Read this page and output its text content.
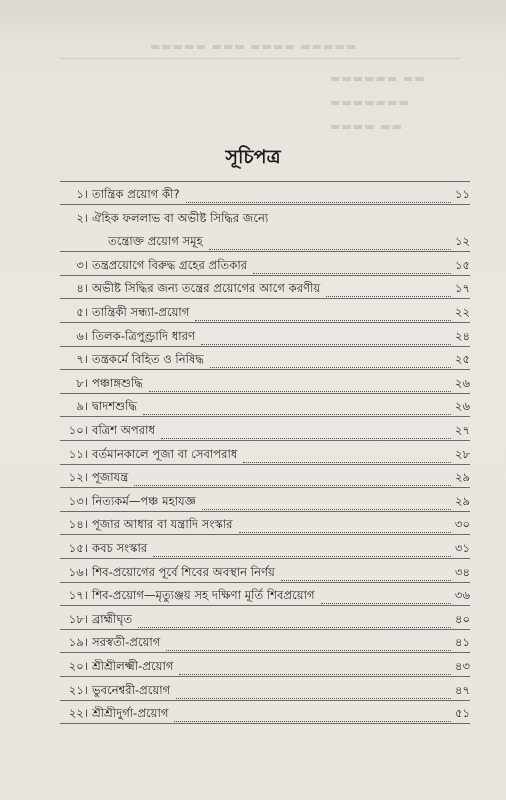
▬▬▬▬▬ ▬▬▬ ▬▬▬▬ ▬▬▬▬▬
▬▬▬▬▬▬ ▬▬
▬▬▬▬▬▬▬
▬▬▬▬ ▬▬
সূচিপত্র
১। তান্ত্রিক প্রয়োগ কী?	১১
২। ঐহিক ফললাভ বা অভীষ্ট সিদ্ধির জন্যে
তন্ত্রোক্ত প্রয়োগ সমূহ	১২
৩। তন্ত্রপ্রয়োগে বিরুদ্ধ গ্রহের প্রতিকার	১৫
৪। অভীষ্ট সিদ্ধির জন্য তন্ত্রের প্রয়োগের আগে করণীয়	১৭
৫। তান্ত্রিকী সন্ধ্যা-প্রয়োগ	২২
৬। তিলক-ত্রিপুণ্ড্রাদি ধারণ	২৪
৭। তন্ত্রকর্মে বিহিত ও নিষিদ্ধ	২৫
৮। পঞ্চাঙ্গশুদ্ধি	২৬
৯। দ্বাদশশুদ্ধি	২৬
১০। বত্রিশ অপরাধ	২৭
১১। বর্তমানকালে পূজা বা সেবাপরাধ	২৮
১২। পূজাযন্ত্র	২৯
১৩। নিত্যকর্ম—পঞ্চ মহাযজ্ঞ	২৯
১৪। পূজার আধার বা যন্ত্রাদি সংস্কার	৩০
১৫। কবচ সংস্কার	৩১
১৬। শিব-প্রয়োগের পূর্বে শিবের অবস্থান নির্ণয়	৩৪
১৭। শিব-প্রয়োগ—মৃত্যুঞ্জয় সহ দক্ষিণা মূর্তি শিবপ্রয়োগ	৩৬
১৮। ব্রাহ্মীঘৃত	৪০
১৯। সরস্বতী-প্রয়োগ	৪১
২০। শ্রীশ্রীলক্ষ্মী-প্রয়োগ	৪৩
২১। ভুবনেশ্বরী-প্রয়োগ	৪৭
২২। শ্রীশ্রীদুর্গা-প্রয়োগ	৫১
